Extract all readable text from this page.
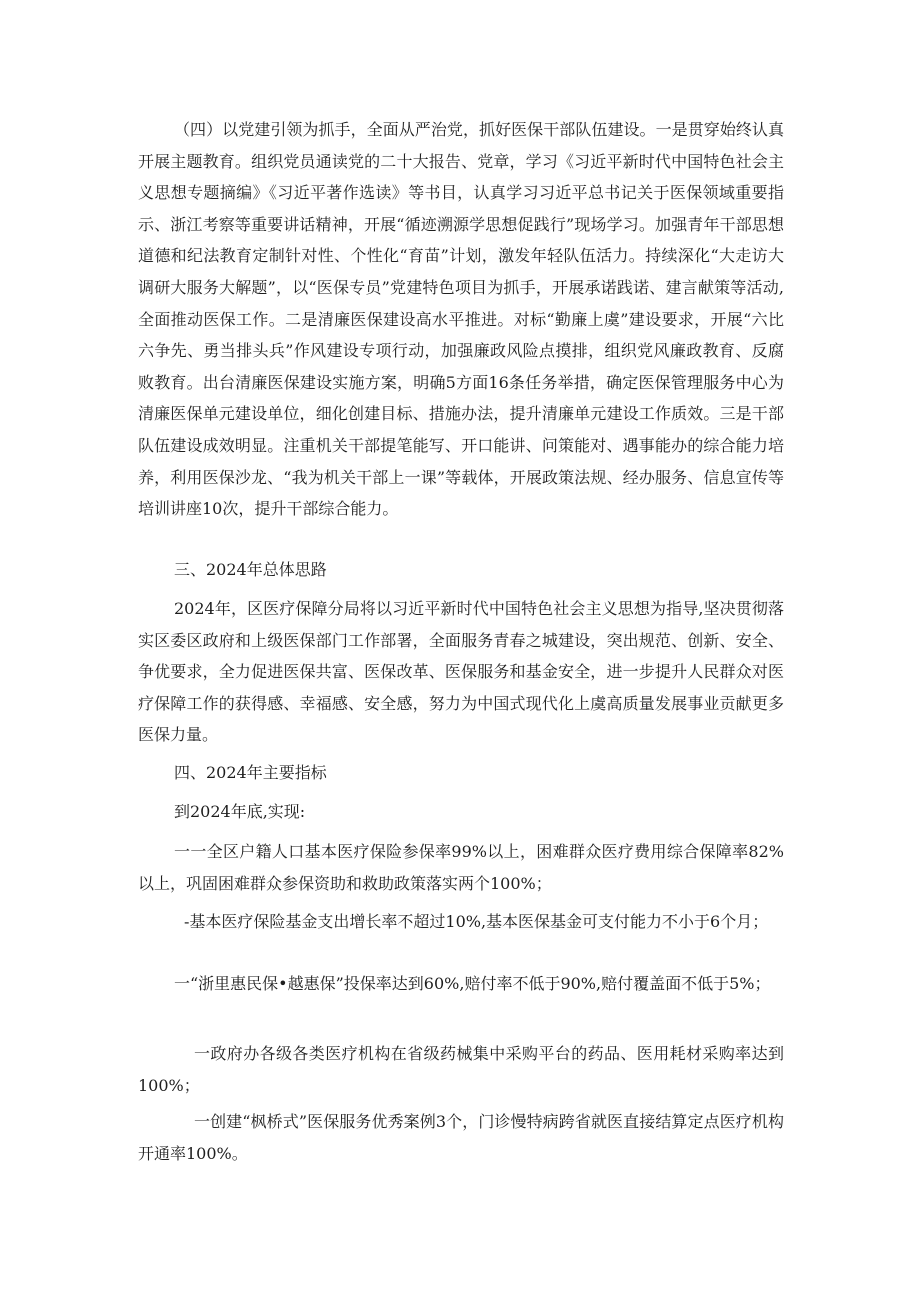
（四）以党建引领为抓手，全面从严治党，抓好医保干部队伍建设。一是贯穿始终认真开展主题教育。组织党员通读党的二十大报告、党章，学习《习近平新时代中国特色社会主义思想专题摘编》《习近平著作选读》等书目，认真学习习近平总书记关于医保领域重要指示、浙江考察等重要讲话精神，开展“循迹溯源学思想促践行”现场学习。加强青年干部思想道德和纪法教育定制针对性、个性化“育苗”计划，激发年轻队伍活力。持续深化“大走访大调研大服务大解题”，以“医保专员”党建特色项目为抓手，开展承诺践诺、建言献策等活动,全面推动医保工作。二是清廉医保建设高水平推进。对标“勤廉上虞”建设要求，开展“六比六争先、勇当排头兵”作风建设专项行动，加强廉政风险点摸排，组织党风廉政教育、反腐败教育。出台清廉医保建设实施方案，明确5方面16条任务举措，确定医保管理服务中心为清廉医保单元建设单位，细化创建目标、措施办法，提升清廉单元建设工作质效。三是干部队伍建设成效明显。注重机关干部提笔能写、开口能讲、问策能对、遇事能办的综合能力培养，利用医保沙龙、“我为机关干部上一课”等载体，开展政策法规、经办服务、信息宣传等培训讲座10次，提升干部综合能力。

三、2024年总体思路

2024年，区医疗保障分局将以习近平新时代中国特色社会主义思想为指导,坚决贯彻落实区委区政府和上级医保部门工作部署，全面服务青春之城建设，突出规范、创新、安全、争优要求，全力促进医保共富、医保改革、医保服务和基金安全，进一步提升人民群众对医疗保障工作的获得感、幸福感、安全感，努力为中国式现代化上虞高质量发展事业贡献更多医保力量。

四、2024年主要指标

到2024年底,实现:

一一全区户籍人口基本医疗保险参保率99%以上，困难群众医疗费用综合保障率82%以上，巩固困难群众参保资助和救助政策落实两个100%；

-基本医疗保险基金支出增长率不超过10%,基本医保基金可支付能力不小于6个月；

一“浙里惠民保•越惠保”投保率达到60%,赔付率不低于90%,赔付覆盖面不低于5%；

一政府办各级各类医疗机构在省级药械集中采购平台的药品、医用耗材采购率达到100%；

一创建“枫桥式”医保服务优秀案例3个，门诊慢特病跨省就医直接结算定点医疗机构开通率100%。
